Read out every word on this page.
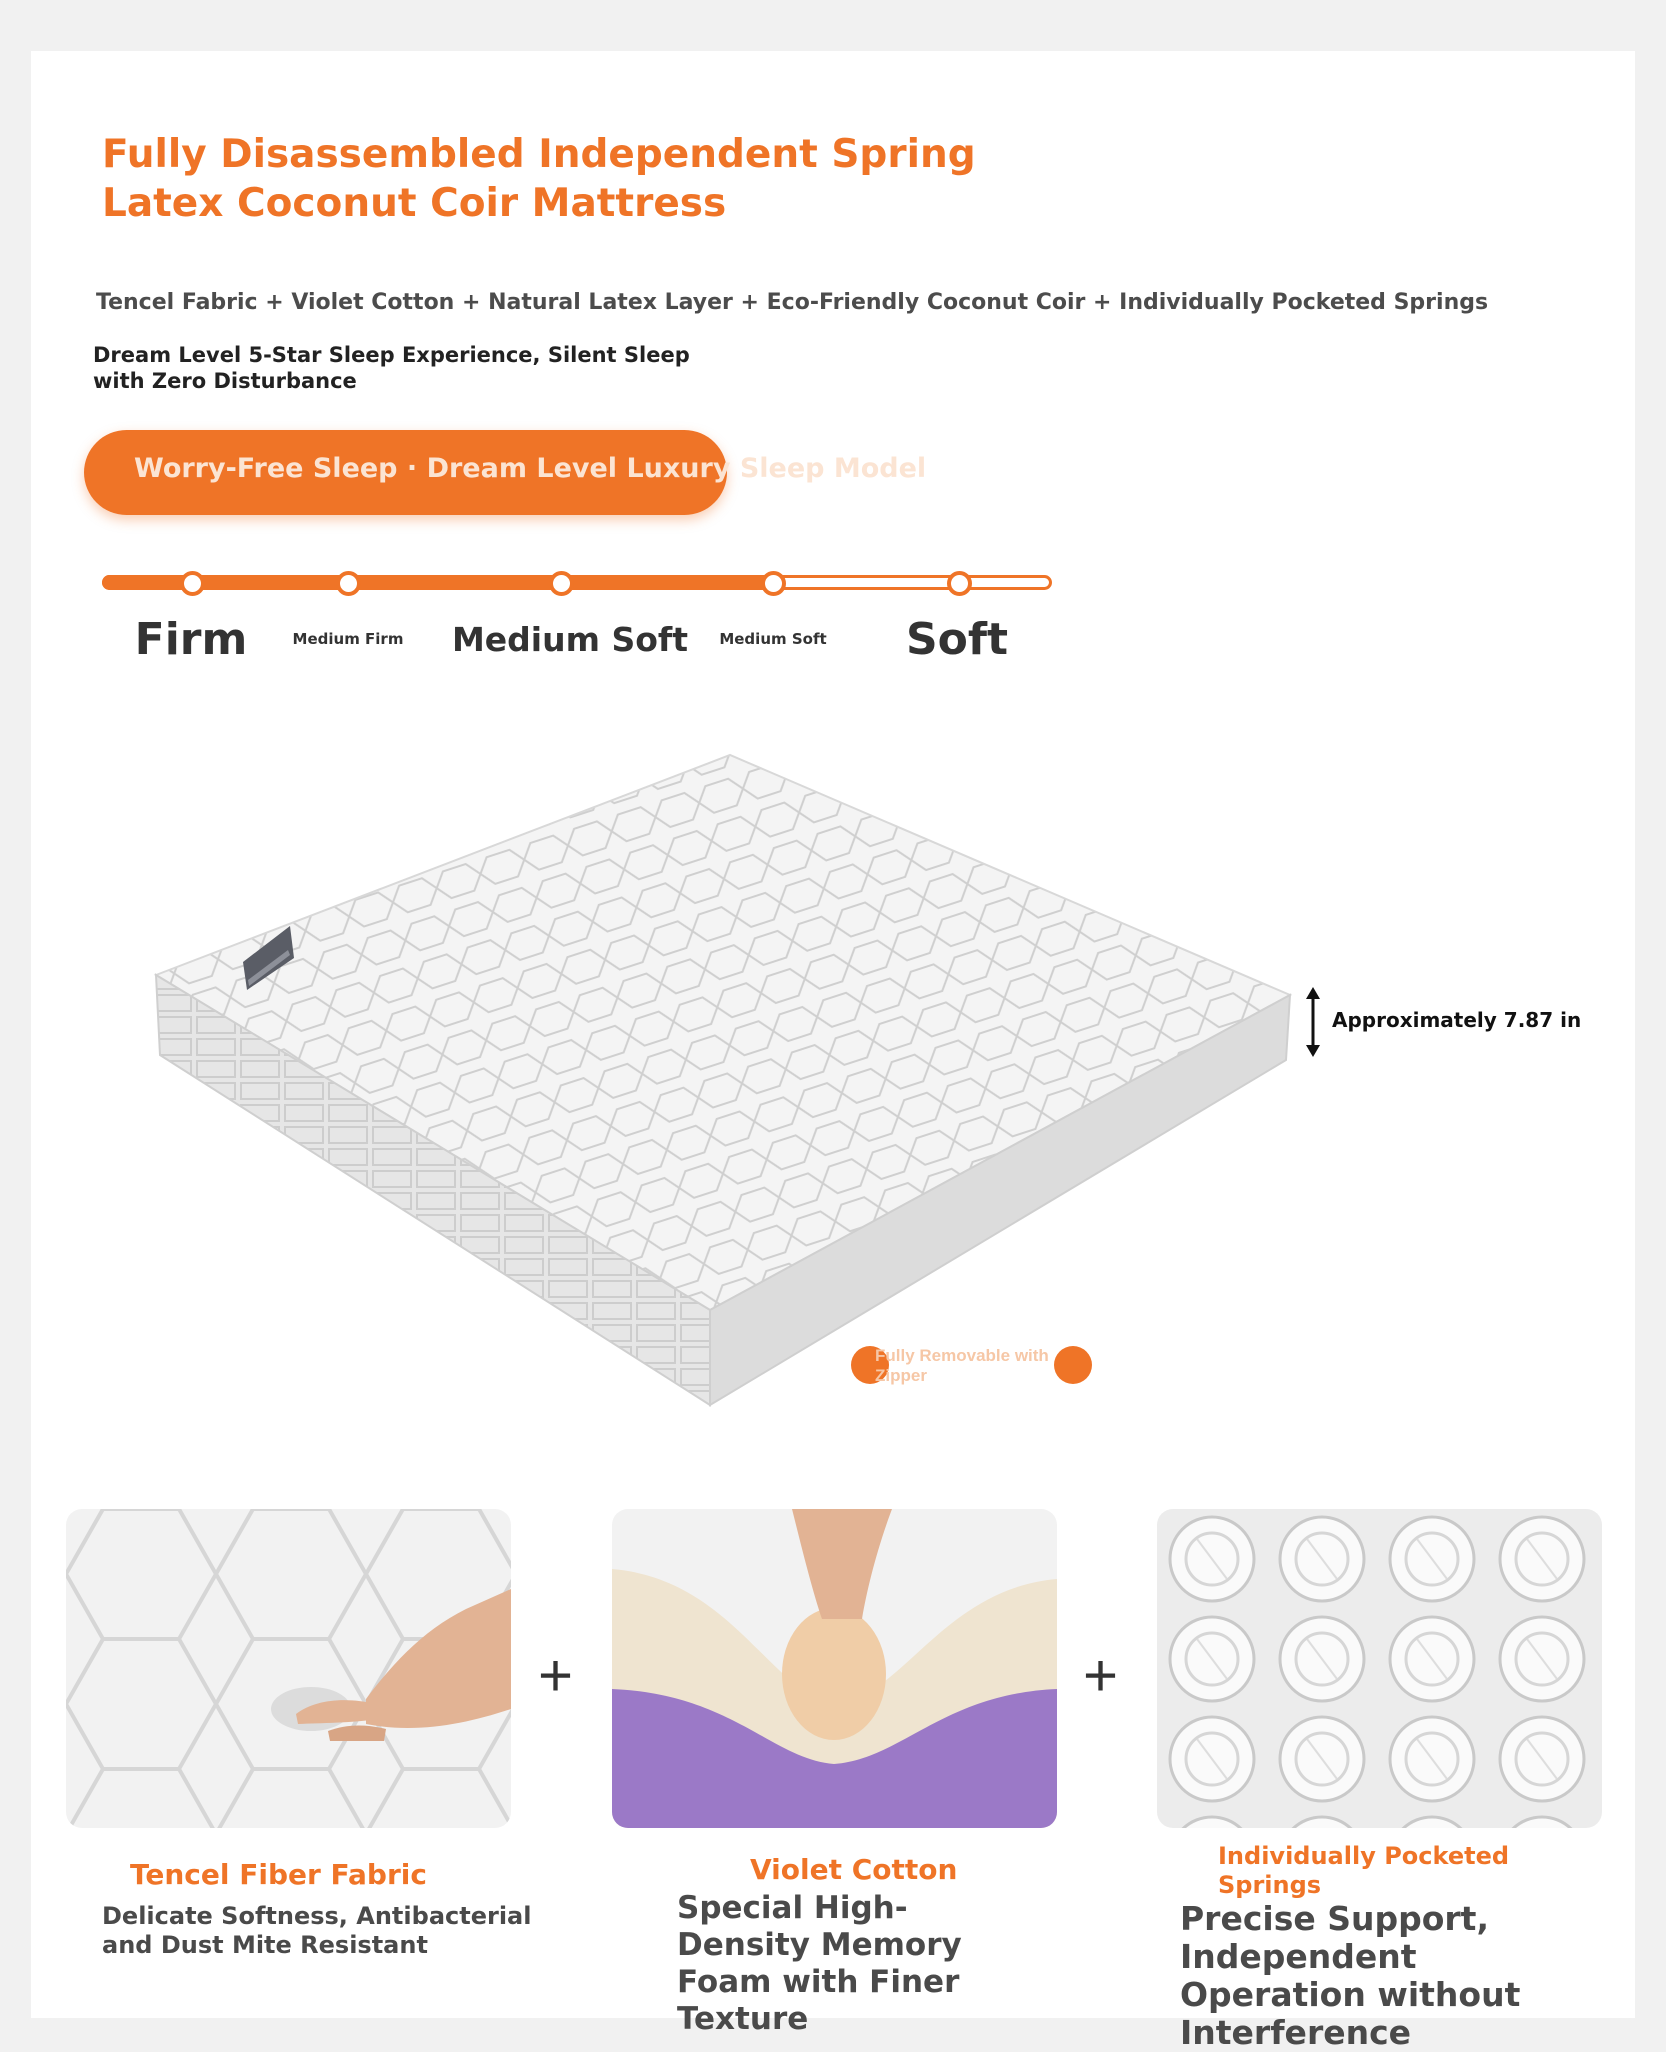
Fully Disassembled Independent Spring Latex Coconut Coir Mattress
Tencel Fabric + Violet Cotton + Natural Latex Layer + Eco-Friendly Coconut Coir + Individually Pocketed Springs
Dream Level 5-Star Sleep Experience, Silent Sleep with Zero Disturbance
Worry-Free Sleep · Dream Level Luxury Sleep Model
Firm	Medium Firm Medium Soft Medium Soft Soft
Approximately 7.87 in
Fully Removable with Zipper
+	+
Tencel Fiber Fabric
Delicate Softness, Antibacterial and Dust Mite Resistant
Violet Cotton
Special High-Density Memory Foam with Finer Texture
Individually Pocketed Springs
Precise Support, Independent Operation without Interference
